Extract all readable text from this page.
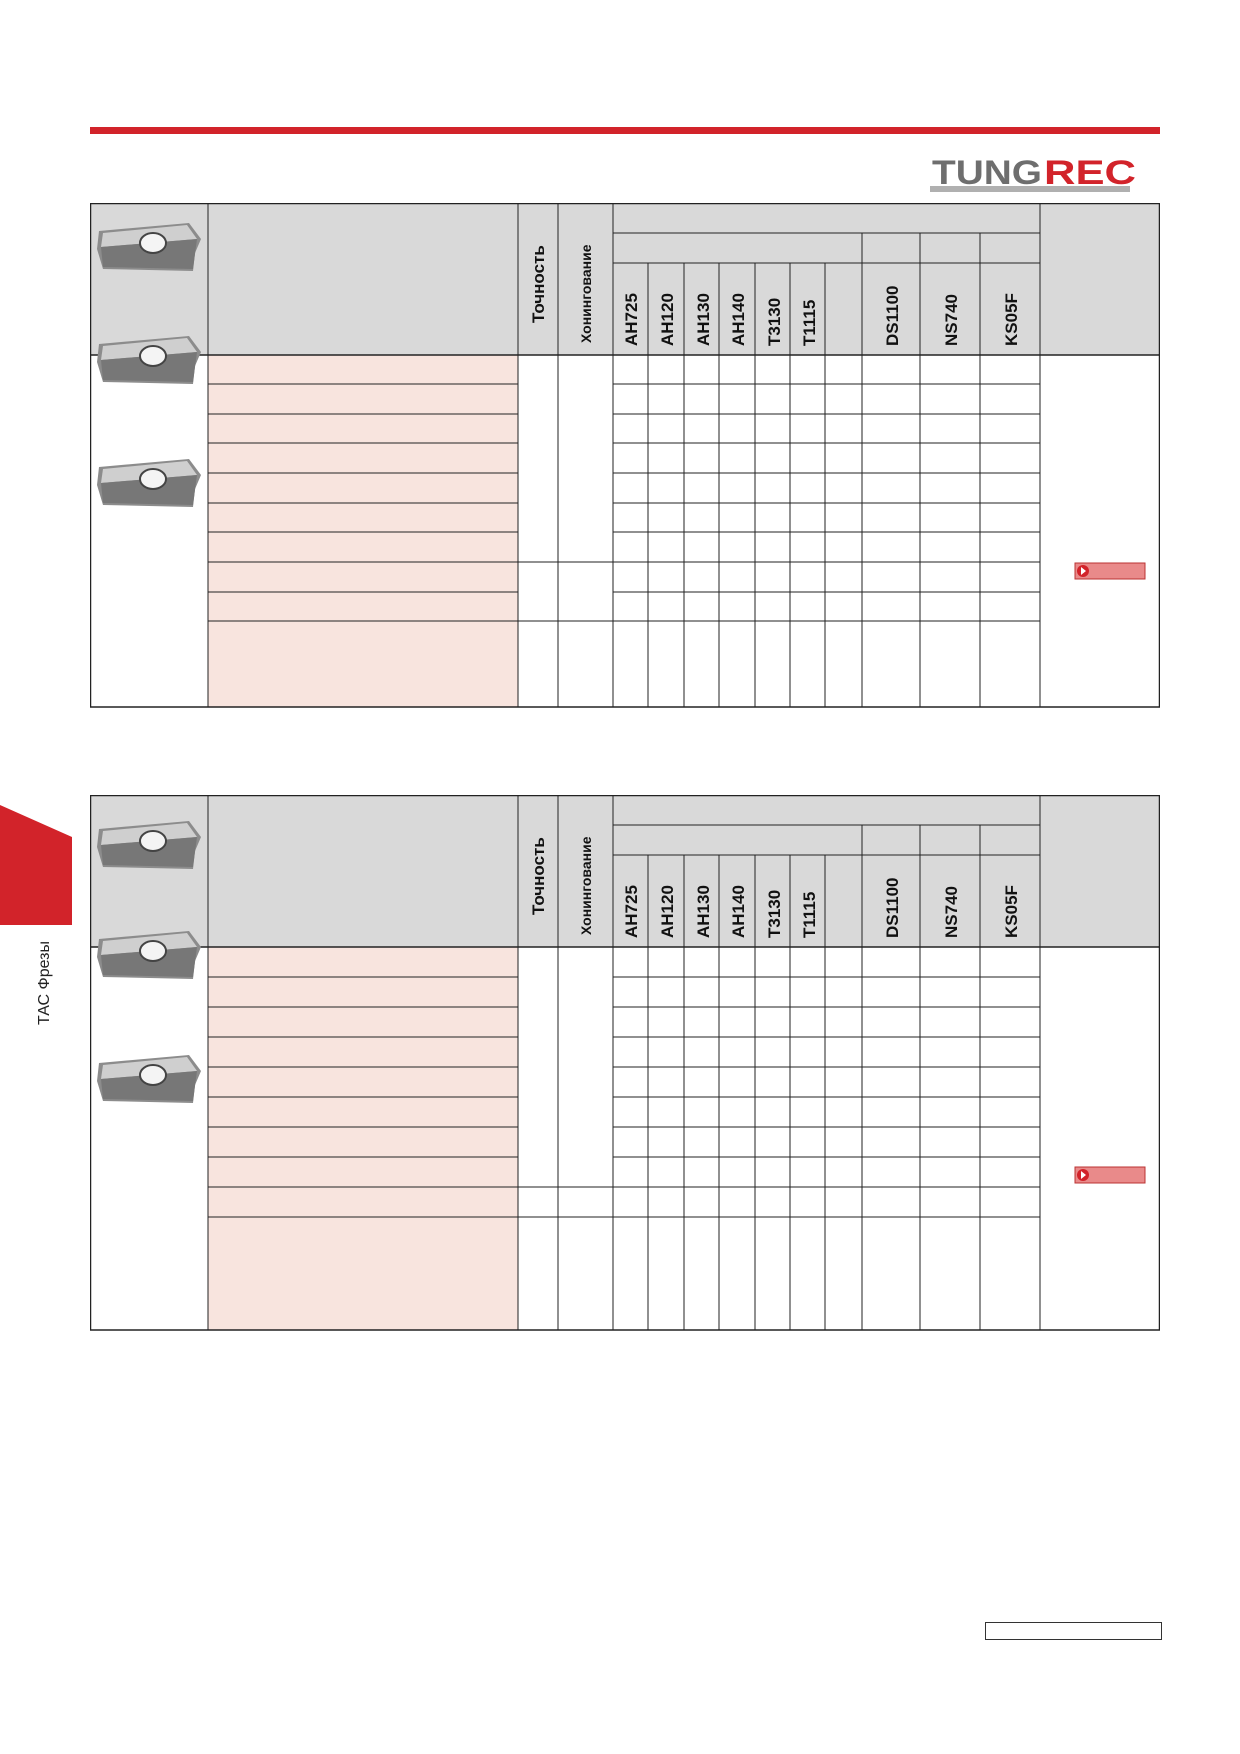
TUNG REC
ТАС Фрезы
Точность Хонингование AH725 AH120 AH130 AH140 T3130 T1115	DS1100 NS740 KS05F
Точность Хонингование AH725 AH120 AH130 AH140 T3130 T1115	DS1100 NS740 KS05F
